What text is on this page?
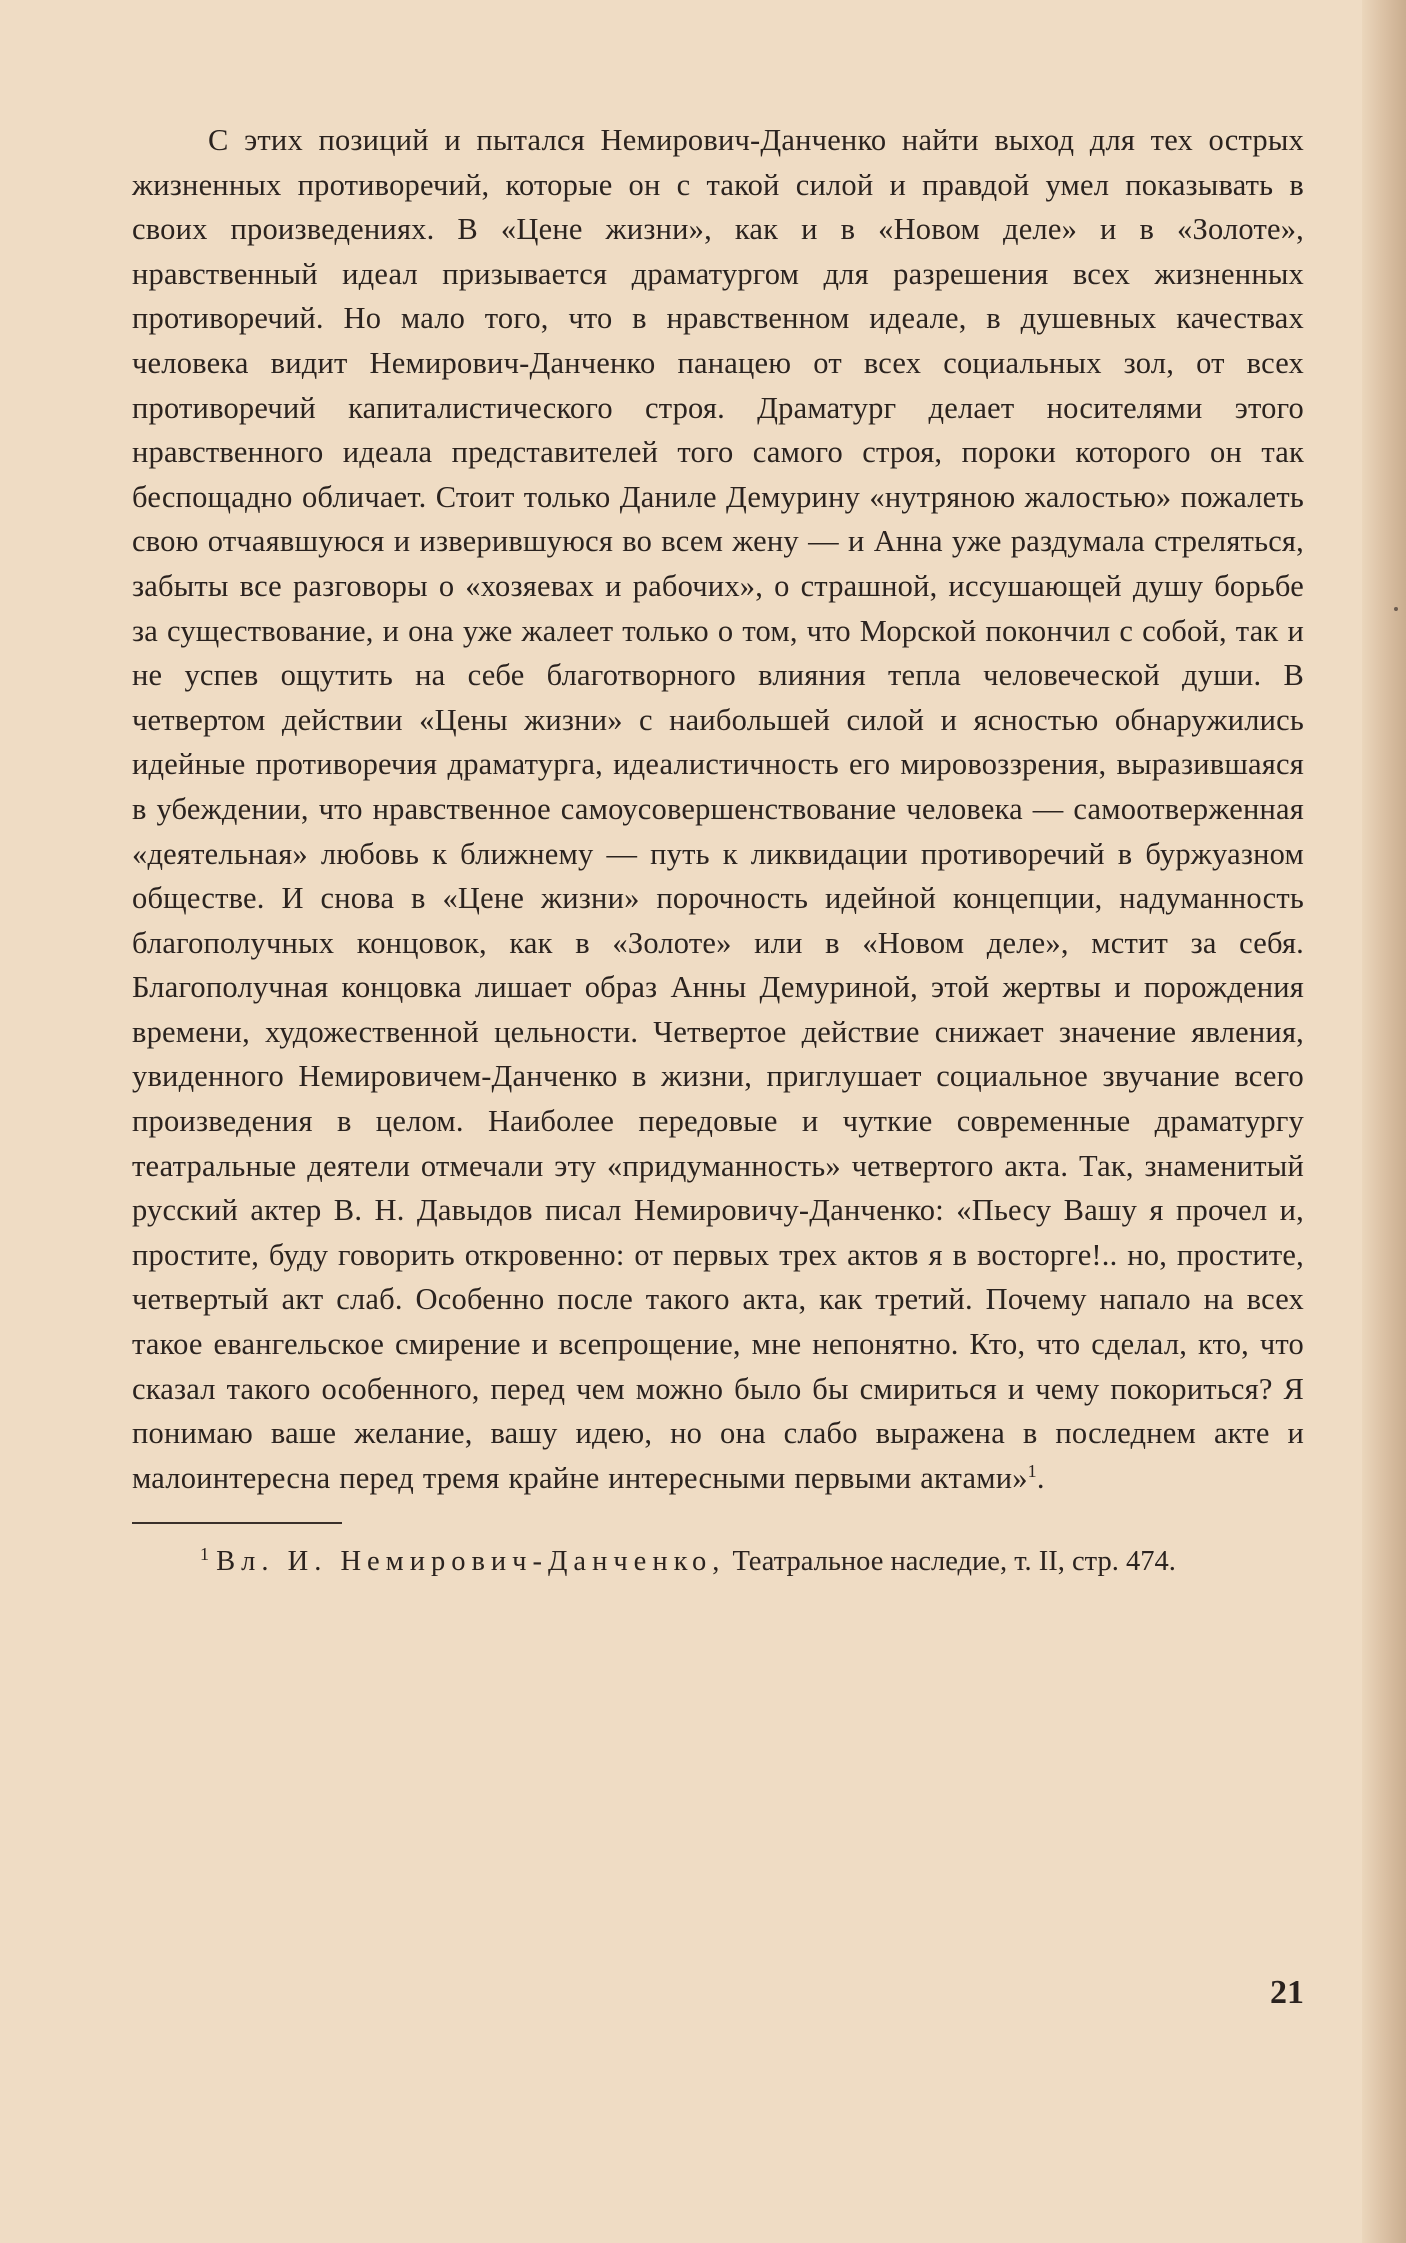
С этих позиций и пытался Немирович-Данченко найти выход для тех острых жизненных противоречий, которые он с такой силой и правдой умел показывать в своих произведениях. В «Цене жизни», как и в «Новом деле» и в «Золоте», нравственный идеал призывается драматургом для разрешения всех жизненных противоречий. Но мало того, что в нравственном идеале, в душевных качествах человека видит Немирович-Данченко панацею от всех социальных зол, от всех противоречий капиталистического строя. Драматург делает носителями этого нравственного идеала представителей того самого строя, пороки которого он так беспощадно обличает. Стоит только Даниле Демурину «нутряною жалостью» пожалеть свою отчаявшуюся и изверившуюся во всем жену — и Анна уже раздумала стреляться, забыты все разговоры о «хозяевах и рабочих», о страшной, иссушающей душу борьбе за существование, и она уже жалеет только о том, что Морской покончил с собой, так и не успев ощутить на себе благотворного влияния тепла человеческой души. В четвертом действии «Цены жизни» с наибольшей силой и ясностью обнаружились идейные противоречия драматурга, идеалистичность его мировоззрения, выразившаяся в убеждении, что нравственное самоусовершенствование человека — самоотверженная «деятельная» любовь к ближнему — путь к ликвидации противоречий в буржуазном обществе. И снова в «Цене жизни» порочность идейной концепции, надуманность благополучных концовок, как в «Золоте» или в «Новом деле», мстит за себя. Благополучная концовка лишает образ Анны Демуриной, этой жертвы и порождения времени, художественной цельности. Четвертое действие снижает значение явления, увиденного Немировичем-Данченко в жизни, приглушает социальное звучание всего произведения в целом. Наиболее передовые и чуткие современные драматургу театральные деятели отмечали эту «придуманность» четвертого акта. Так, знаменитый русский актер В. Н. Давыдов писал Немировичу-Данченко: «Пьесу Вашу я прочел и, простите, буду говорить откровенно: от первых трех актов я в восторге!.. но, простите, четвертый акт слаб. Особенно после такого акта, как третий. Почему напало на всех такое евангельское смирение и всепрощение, мне непонятно. Кто, что сделал, кто, что сказал такого особенного, перед чем можно было бы смириться и чему покориться? Я понимаю ваше желание, вашу идею, но она слабо выражена в последнем акте и малоинтересна перед тремя крайне интересными первыми актами»$^1$.

$^1$ Вл. И. Немирович-Данченко, Театральное наследие, т. II, стр. 474.

21
